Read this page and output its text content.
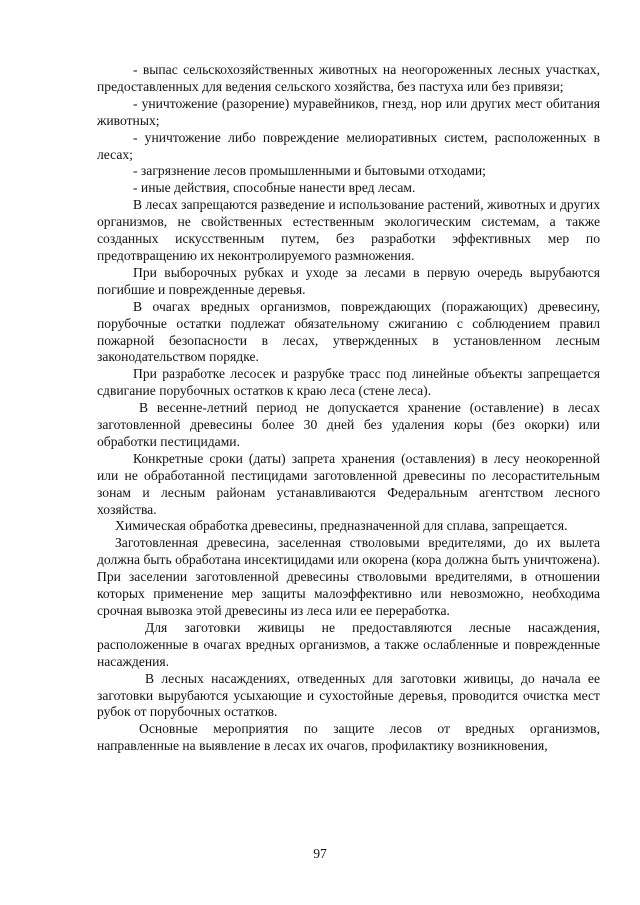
- выпас сельскохозяйственных животных на неогороженных лесных участках, предоставленных для ведения сельского хозяйства, без пастуха или без привязи;

- уничтожение (разорение) муравейников, гнезд, нор или других мест обитания животных;

- уничтожение либо повреждение мелиоративных систем, расположенных в лесах;

- загрязнение лесов промышленными и бытовыми отходами;

- иные действия, способные нанести вред лесам.

В лесах запрещаются разведение и использование растений, животных и других организмов, не свойственных естественным экологическим системам, а также созданных искусственным путем, без разработки эффективных мер по предотвращению их неконтролируемого размножения.

При выборочных рубках и уходе за лесами в первую очередь вырубаются погибшие и поврежденные деревья.

В очагах вредных организмов, повреждающих (поражающих) древесину, порубочные остатки подлежат обязательному сжиганию с соблюдением правил пожарной безопасности в лесах, утвержденных в установленном лесным законодательством порядке.

При разработке лесосек и разрубке трасс под линейные объекты запрещается сдвигание порубочных остатков к краю леса (стене леса).

В весенне-летний период не допускается хранение (оставление) в лесах заготовленной древесины более 30 дней без удаления коры (без окорки) или обработки пестицидами.

Конкретные сроки (даты) запрета хранения (оставления) в лесу неокоренной или не обработанной пестицидами заготовленной древесины по лесорастительным зонам и лесным районам устанавливаются Федеральным агентством лесного хозяйства.

Химическая обработка древесины, предназначенной для сплава, запрещается.

Заготовленная древесина, заселенная стволовыми вредителями, до их вылета должна быть обработана инсектицидами или окорена (кора должна быть уничтожена). При заселении заготовленной древесины стволовыми вредителями, в отношении которых применение мер защиты малоэффективно или невозможно, необходима срочная вывозка этой древесины из леса или ее переработка.

Для заготовки живицы не предоставляются лесные насаждения, расположенные в очагах вредных организмов, а также ослабленные и поврежденные насаждения.

В лесных насаждениях, отведенных для заготовки живицы, до начала ее заготовки вырубаются усыхающие и сухостойные деревья, проводится очистка мест рубок от порубочных остатков.

Основные мероприятия по защите лесов от вредных организмов, направленные на выявление в лесах их очагов, профилактику возникновения,

97
